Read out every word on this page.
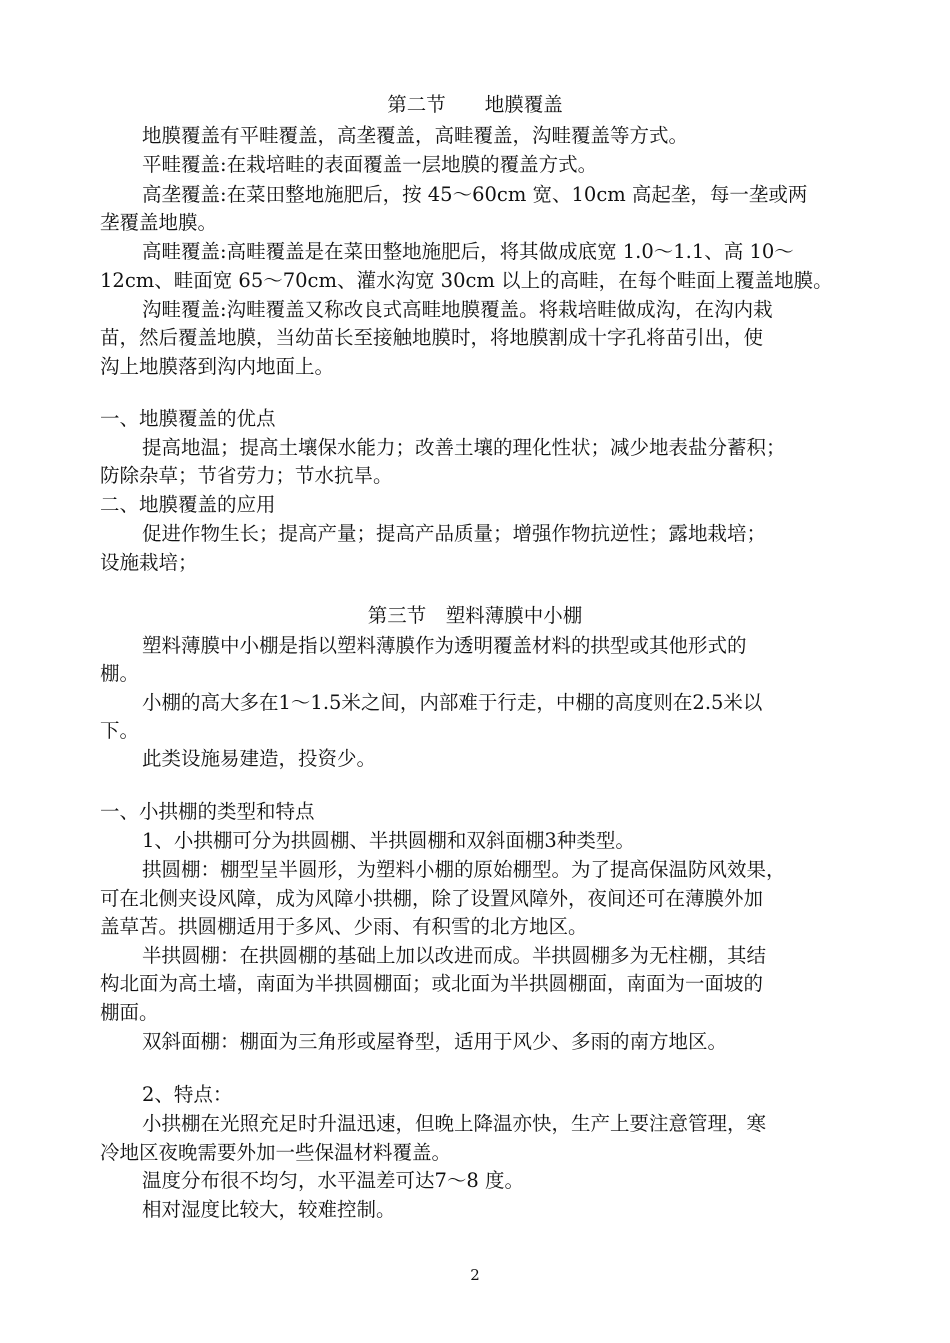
第二节　　地膜覆盖

地膜覆盖有平畦覆盖，高垄覆盖，高畦覆盖，沟畦覆盖等方式。

平畦覆盖:在栽培畦的表面覆盖一层地膜的覆盖方式。

高垄覆盖:在菜田整地施肥后，按 45～60cm 宽、10cm 高起垄，每一垄或两

垄覆盖地膜。

高畦覆盖:高畦覆盖是在菜田整地施肥后，将其做成底宽 1.0～1.1、高 10～

12cm、畦面宽 65～70cm、灌水沟宽 30cm 以上的高畦，在每个畦面上覆盖地膜。

沟畦覆盖:沟畦覆盖又称改良式高畦地膜覆盖。将栽培畦做成沟，在沟内栽

苗，然后覆盖地膜，当幼苗长至接触地膜时，将地膜割成十字孔将苗引出，使

沟上地膜落到沟内地面上。

一、地膜覆盖的优点

提高地温；提高土壤保水能力；改善土壤的理化性状；减少地表盐分蓄积；

防除杂草；节省劳力；节水抗旱。

二、地膜覆盖的应用

促进作物生长；提高产量；提高产品质量；增强作物抗逆性；露地栽培；

设施栽培；

第三节　塑料薄膜中小棚

塑料薄膜中小棚是指以塑料薄膜作为透明覆盖材料的拱型或其他形式的

棚。

小棚的高大多在1～1.5米之间，内部难于行走，中棚的高度则在2.5米以

下。

此类设施易建造，投资少。

一、小拱棚的类型和特点

1、小拱棚可分为拱圆棚、半拱圆棚和双斜面棚3种类型。

拱圆棚：棚型呈半圆形，为塑料小棚的原始棚型。为了提高保温防风效果，

可在北侧夹设风障，成为风障小拱棚，除了设置风障外，夜间还可在薄膜外加

盖草苫。拱圆棚适用于多风、少雨、有积雪的北方地区。

半拱圆棚：在拱圆棚的基础上加以改进而成。半拱圆棚多为无柱棚，其结

构北面为高土墙，南面为半拱圆棚面；或北面为半拱圆棚面，南面为一面坡的

棚面。

双斜面棚：棚面为三角形或屋脊型，适用于风少、多雨的南方地区。

2、特点：

小拱棚在光照充足时升温迅速，但晚上降温亦快，生产上要注意管理，寒

冷地区夜晚需要外加一些保温材料覆盖。

温度分布很不均匀，水平温差可达7～8 度。

相对湿度比较大，较难控制。

2
